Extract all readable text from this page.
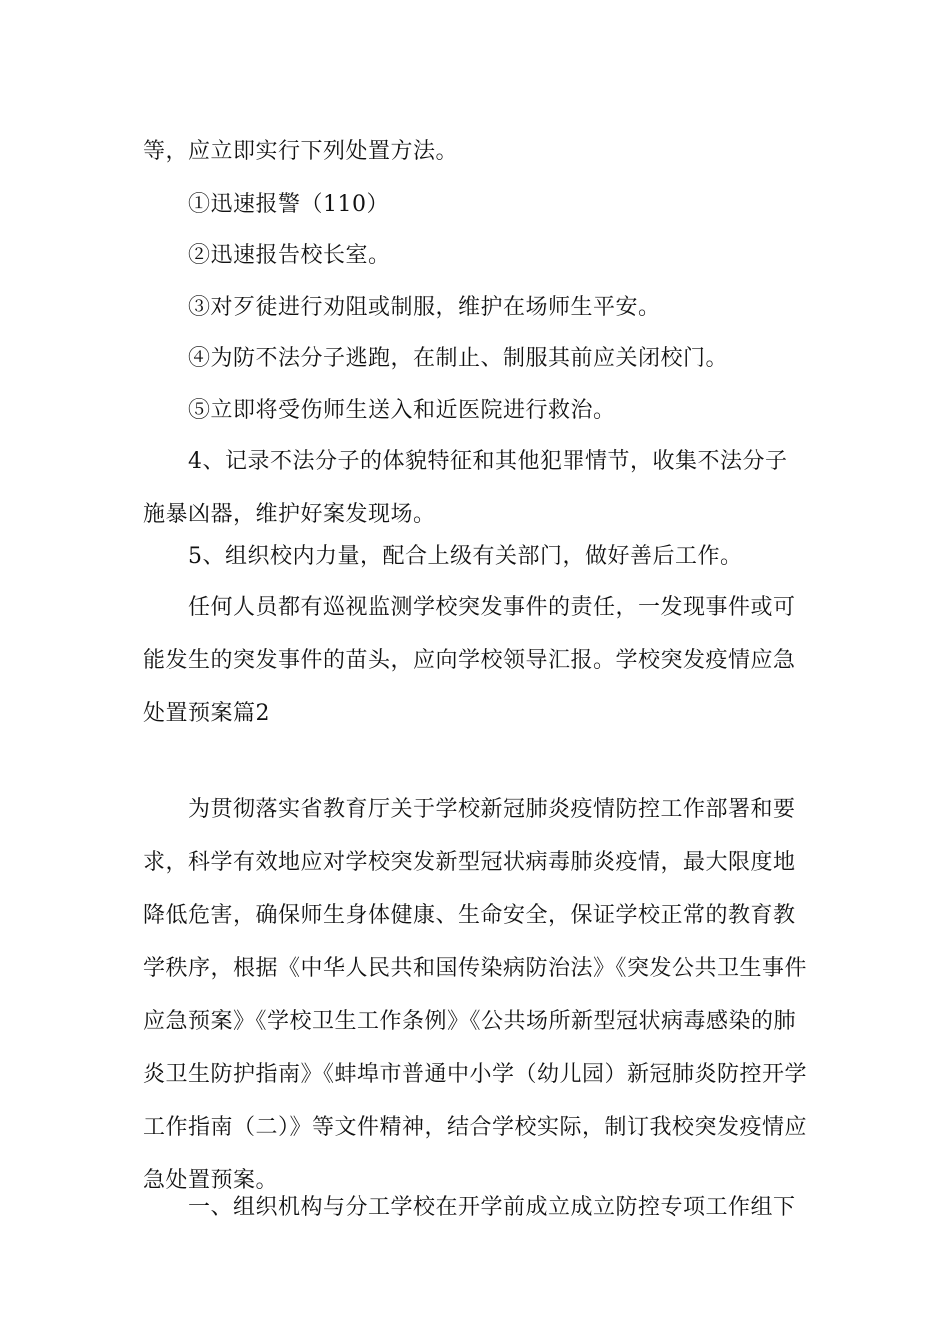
等，应立即实行下列处置方法。

①迅速报警（110）

②迅速报告校长室。

③对歹徒进行劝阻或制服，维护在场师生平安。

④为防不法分子逃跑，在制止、制服其前应关闭校门。

⑤立即将受伤师生送入和近医院进行救治。

4、记录不法分子的体貌特征和其他犯罪情节，收集不法分子施暴凶器，维护好案发现场。

5、组织校内力量，配合上级有关部门，做好善后工作。

任何人员都有巡视监测学校突发事件的责任，一发现事件或可能发生的突发事件的苗头，应向学校领导汇报。学校突发疫情应急处置预案篇2

为贯彻落实省教育厅关于学校新冠肺炎疫情防控工作部署和要求，科学有效地应对学校突发新型冠状病毒肺炎疫情，最大限度地降低危害，确保师生身体健康、生命安全，保证学校正常的教育教学秩序，根据《中华人民共和国传染病防治法》《突发公共卫生事件应急预案》《学校卫生工作条例》《公共场所新型冠状病毒感染的肺炎卫生防护指南》《蚌埠市普通中小学（幼儿园）新冠肺炎防控开学工作指南（二）》等文件精神，结合学校实际，制订我校突发疫情应急处置预案。

一、组织机构与分工学校在开学前成立成立防控专项工作组下
